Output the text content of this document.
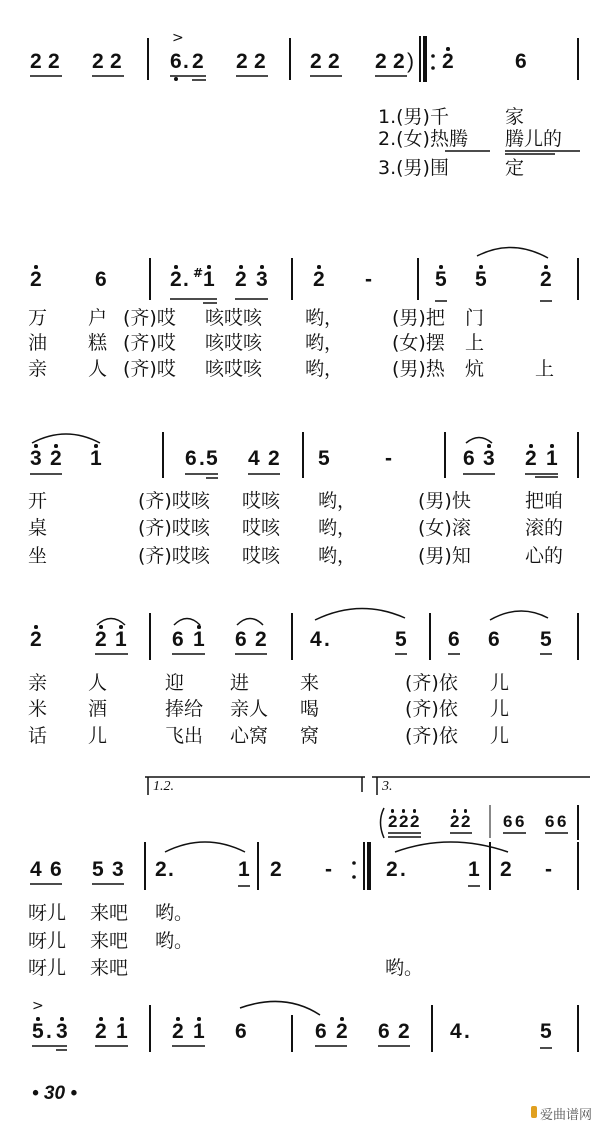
>
2 2 2 2 6 . 2 2 2 2 2 2 2 ) 2	6
1.(男)千	家
2.(女)热腾 腾儿的
3.(男)围	定
2	6	2 . # 1 2 3 2 -	5 5	2
万 户 (齐)哎 咳哎咳 哟，	(男)把 门
油 糕 (齐)哎 咳哎咳 哟，	(女)摆 上
亲 人 (齐)哎 咳哎咳 哟，	(男)热 炕	上
3 2 1	6 . 5 4 2 5	-	6 3 2 1
开	(齐)哎咳 哎咳 哟，	(男)快	把咱
桌	(齐)哎咳 哎咳 哟，	(女)滚	滚的
坐	(齐)哎咳 哎咳 哟，	(男)知	心的
2	2 1 6 1 6 2 4 .	5 6 6 5
亲 人	迎 进	来	(齐)依 儿
米 酒	捧给 亲人 喝	(齐)依 儿
话 儿	飞出 心窝 窝	(齐)依 儿
1.2.	3.
2 2 2 2 2 6 6 6 6
4 6 5 3 2 .	1 2 -	2 .	1 2 -
呀儿 来吧 哟。
呀儿 来吧 哟。
呀儿 来吧	哟。
>
5 . 3 2 1 2 1 6	6 2 6 2 4 .	5
• 30 •
爱曲谱网
